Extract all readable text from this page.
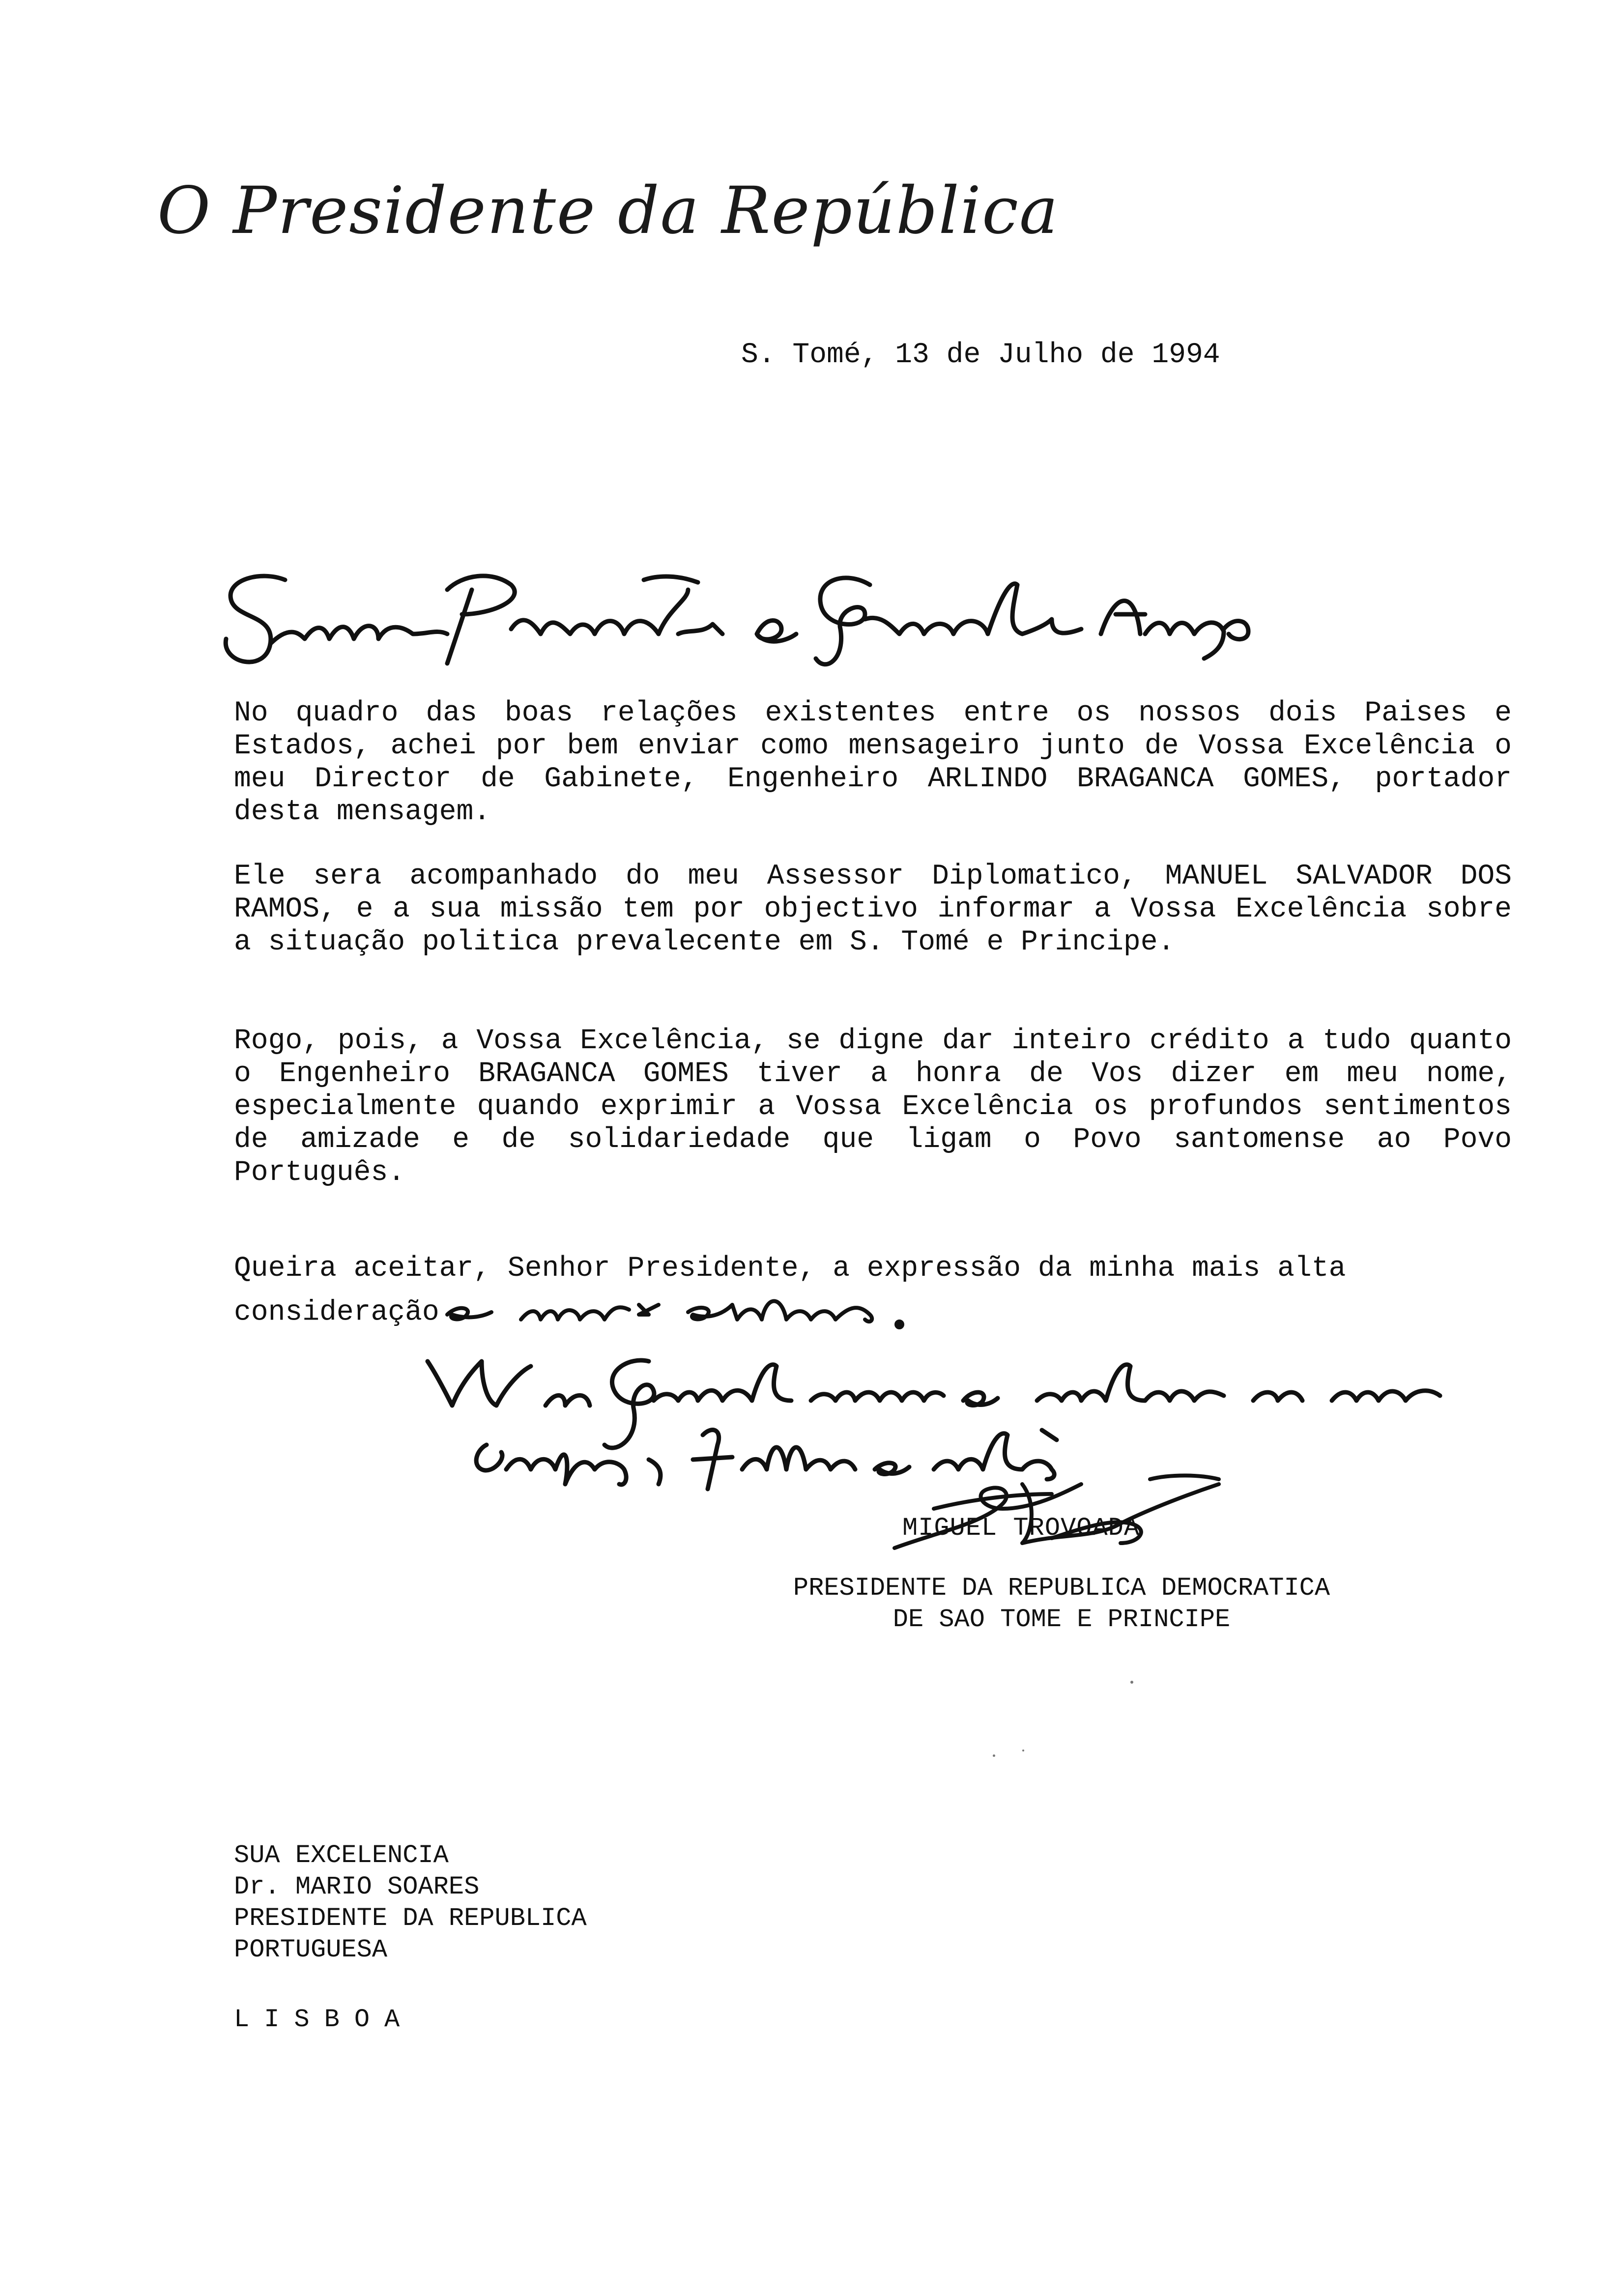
O Presidente da República
S. Tomé, 13 de Julho de 1994

No quadro das boas relações existentes entre os nossos dois Paises e Estados, achei por bem enviar como mensageiro junto de Vossa Excelência o meu Director de Gabinete, Engenheiro ARLINDO BRAGANCA GOMES, portador desta mensagem.

Ele sera acompanhado do meu Assessor Diplomatico, MANUEL SALVADOR DOS RAMOS, e a sua missão tem por objectivo informar a Vossa Excelência sobre a situação politica prevalecente em S. Tomé e Principe.

Rogo, pois, a Vossa Excelência, se digne dar inteiro crédito a tudo quanto o Engenheiro BRAGANCA GOMES tiver a honra de Vos dizer em meu nome, especialmente quando exprimir a Vossa Excelência os profundos sentimentos de amizade e de solidariedade que ligam o Povo santomense ao Povo Português.

Queira aceitar, Senhor Presidente, a expressão da minha mais alta
consideração
MIGUEL TROVOADA
PRESIDENTE DA REPUBLICA DEMOCRATICA
DE SAO TOME E PRINCIPE
SUA EXCELENCIA
Dr. MARIO SOARES
PRESIDENTE DA REPUBLICA
PORTUGUESA
LISBOA
